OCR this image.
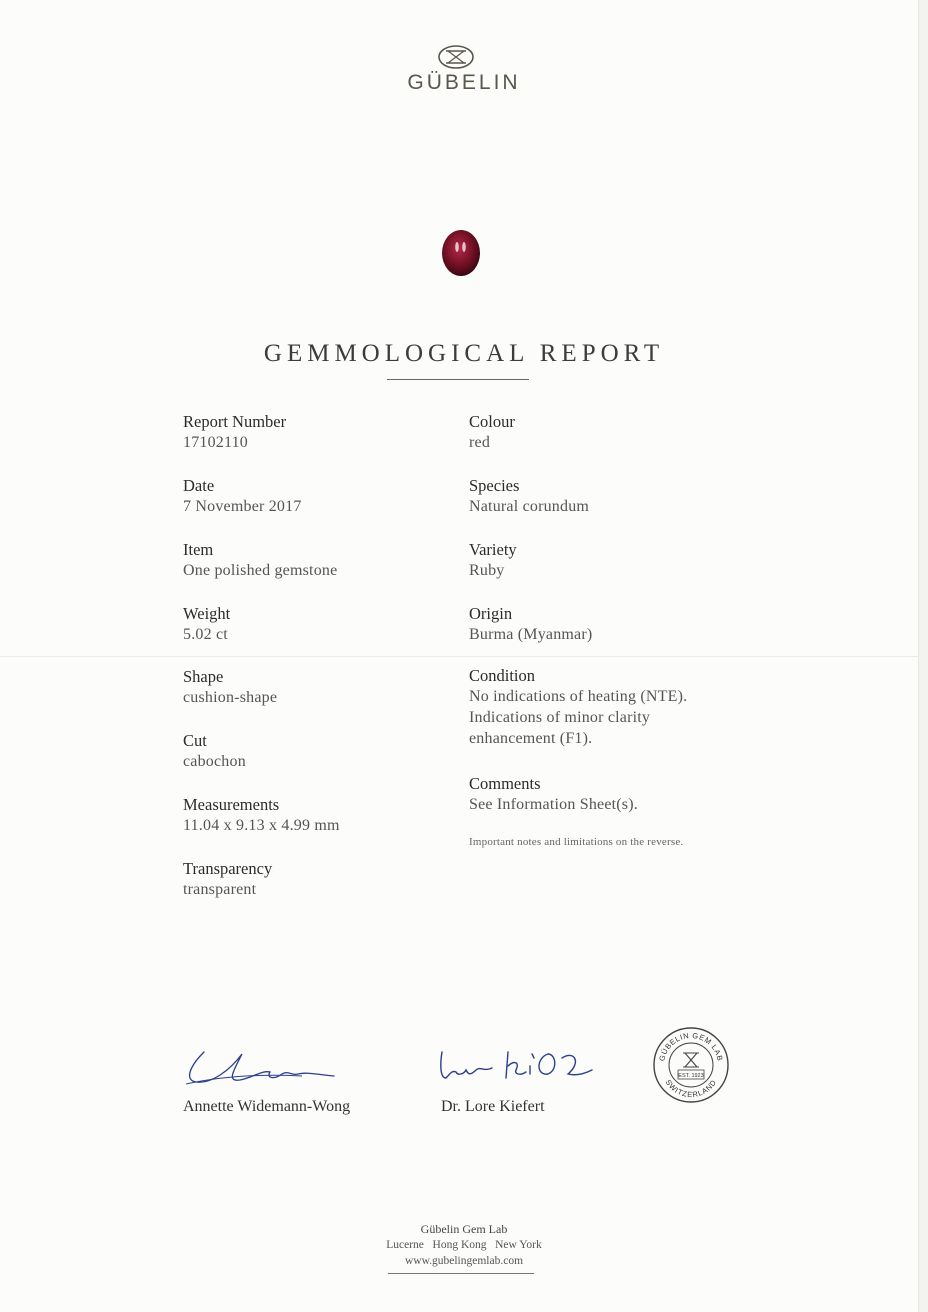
GÜBELIN
GEMMOLOGICAL REPORT
Report Number
17102110
Date
7 November 2017
Item
One polished gemstone
Weight
5.02 ct
Shape
cushion-shape
Cut
cabochon
Measurements
11.04 x 9.13 x 4.99 mm
Transparency
transparent
Colour
red
Species
Natural corundum
Variety
Ruby
Origin
Burma (Myanmar)
Condition
No indications of heating (NTE).
Indications of minor clarity
enhancement (F1).
Comments
See Information Sheet(s).
Important notes and limitations on the reverse.
Annette Widemann-Wong	Dr. Lore Kiefert
GÜBELIN GEM LAB
SWITZERLAND
EST. 1923
Gübelin Gem Lab
Lucerne   Hong Kong   New York
www.gubelingemlab.com
